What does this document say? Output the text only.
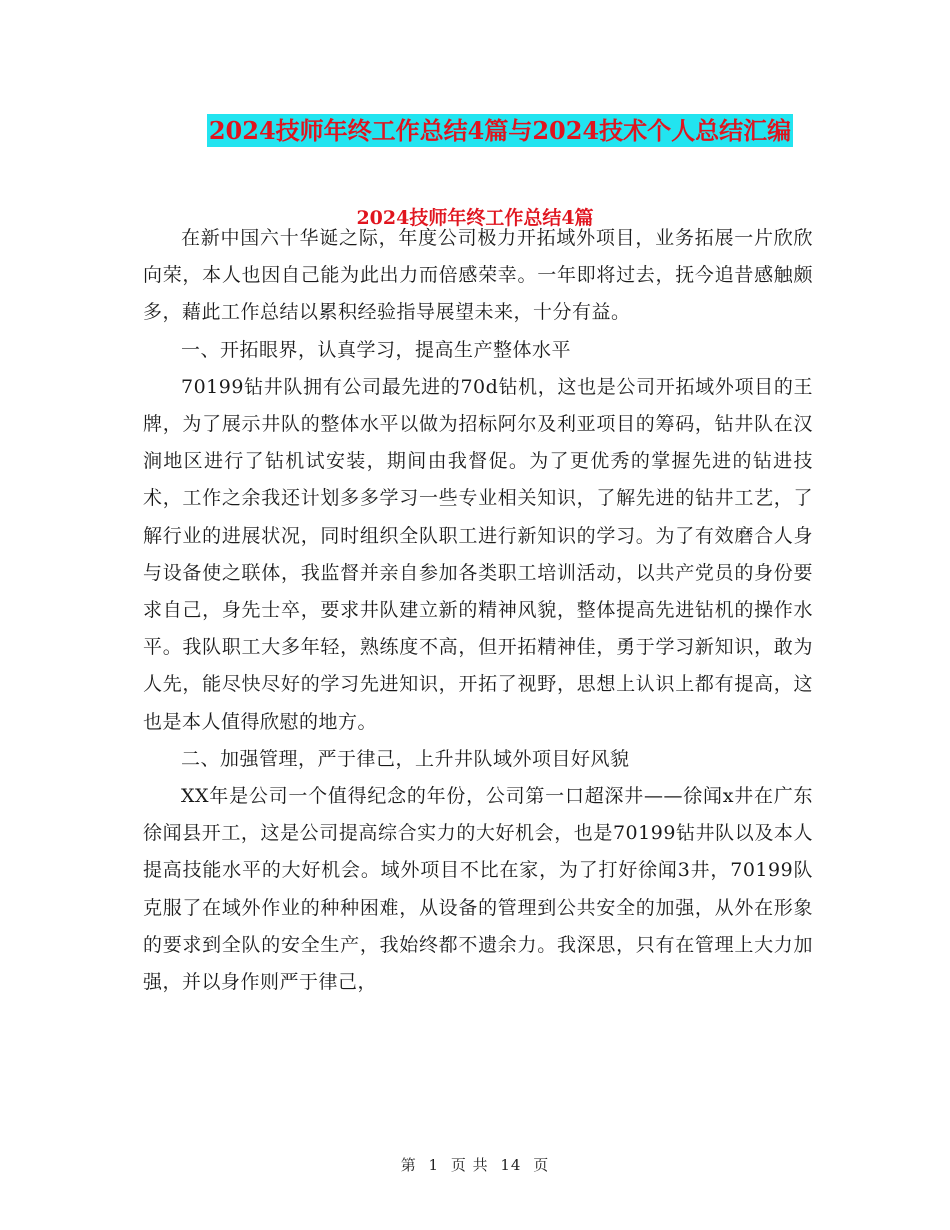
2024技师年终工作总结4篇与2024技术个人总结汇编
2024技师年终工作总结4篇

在新中国六十华诞之际，年度公司极力开拓域外项目，业务拓展一片欣欣向荣，本人也因自己能为此出力而倍感荣幸。一年即将过去，抚今追昔感触颇多，藉此工作总结以累积经验指导展望未来，十分有益。

一、开拓眼界，认真学习，提高生产整体水平

70199钻井队拥有公司最先进的70d钻机，这也是公司开拓域外项目的王牌，为了展示井队的整体水平以做为招标阿尔及利亚项目的筹码，钻井队在汉涧地区进行了钻机试安装，期间由我督促。为了更优秀的掌握先进的钻进技术，工作之余我还计划多多学习一些专业相关知识，了解先进的钻井工艺，了解行业的进展状况，同时组织全队职工进行新知识的学习。为了有效磨合人身与设备使之联体，我监督并亲自参加各类职工培训活动，以共产党员的身份要求自己，身先士卒，要求井队建立新的精神风貌，整体提高先进钻机的操作水平。我队职工大多年轻，熟练度不高，但开拓精神佳，勇于学习新知识，敢为人先，能尽快尽好的学习先进知识，开拓了视野，思想上认识上都有提高，这也是本人值得欣慰的地方。

二、加强管理，严于律己，上升井队域外项目好风貌

XX年是公司一个值得纪念的年份，公司第一口超深井——徐闻x井在广东徐闻县开工，这是公司提高综合实力的大好机会，也是70199钻井队以及本人提高技能水平的大好机会。域外项目不比在家，为了打好徐闻3井，70199队克服了在域外作业的种种困难，从设备的管理到公共安全的加强，从外在形象的要求到全队的安全生产，我始终都不遗余力。我深思，只有在管理上大力加强，并以身作则严于律己，

第 1 页 共 14 页
